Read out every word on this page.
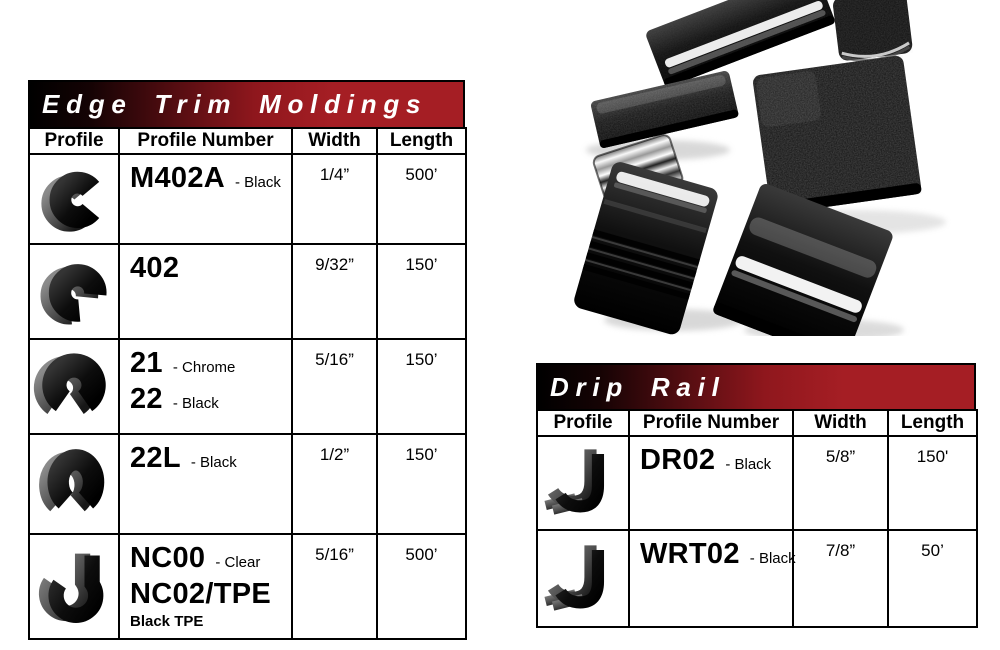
Edge Trim Moldings
Profile	Profile Number	Width	Length

M402A - Black	1/4”	500’

402	9/32”	150’

21 - Chrome
22 - Black	5/16”	150’

22L - Black	1/2”	150’

NC00 - Clear
NC02/TPE
Black TPE	5/16”	500’
Drip Rail
Profile	Profile Number	Width	Length

DR02 - Black	5/8”	150'

WRT02 - Black	7/8”	50’
